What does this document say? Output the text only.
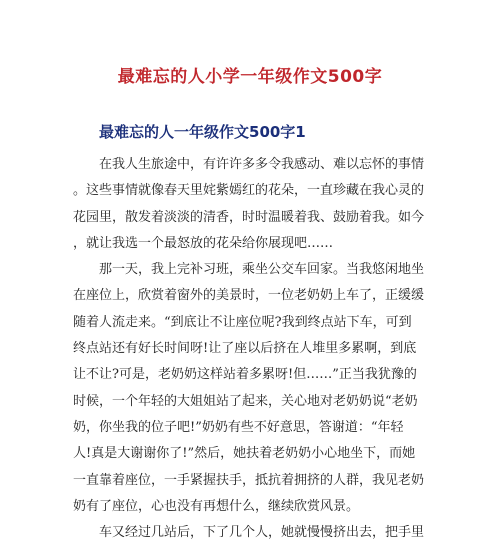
最难忘的人小学一年级作文500字
最难忘的人一年级作文500字1
　　在我人生旅途中，有许许多多令我感动、难以忘怀的事情
。这些事情就像春天里姹紫嫣红的花朵，一直珍藏在我心灵的
花园里，散发着淡淡的清香，时时温暖着我、鼓励着我。如今
，就让我选一个最怒放的花朵给你展现吧……
　　那一天，我上完补习班，乘坐公交车回家。当我悠闲地坐
在座位上，欣赏着窗外的美景时，一位老奶奶上车了，正缓缓
随着人流走来。“到底让不让座位呢?我到终点站下车，可到
终点站还有好长时间呀!让了座以后挤在人堆里多累啊，到底
让不让?可是，老奶奶这样站着多累呀!但……”正当我犹豫的
时候，一个年轻的大姐姐站了起来，关心地对老奶奶说“老奶
奶，你坐我的位子吧!”奶奶有些不好意思，答谢道：“年轻
人!真是大谢谢你了!”然后，她扶着老奶奶小心地坐下，而她
一直靠着座位，一手紧握扶手，抵抗着拥挤的人群，我见老奶
奶有了座位，心也没有再想什么，继续欣赏风景。
　　车又经过几站后，下了几个人，她就慢慢挤出去，把手里
